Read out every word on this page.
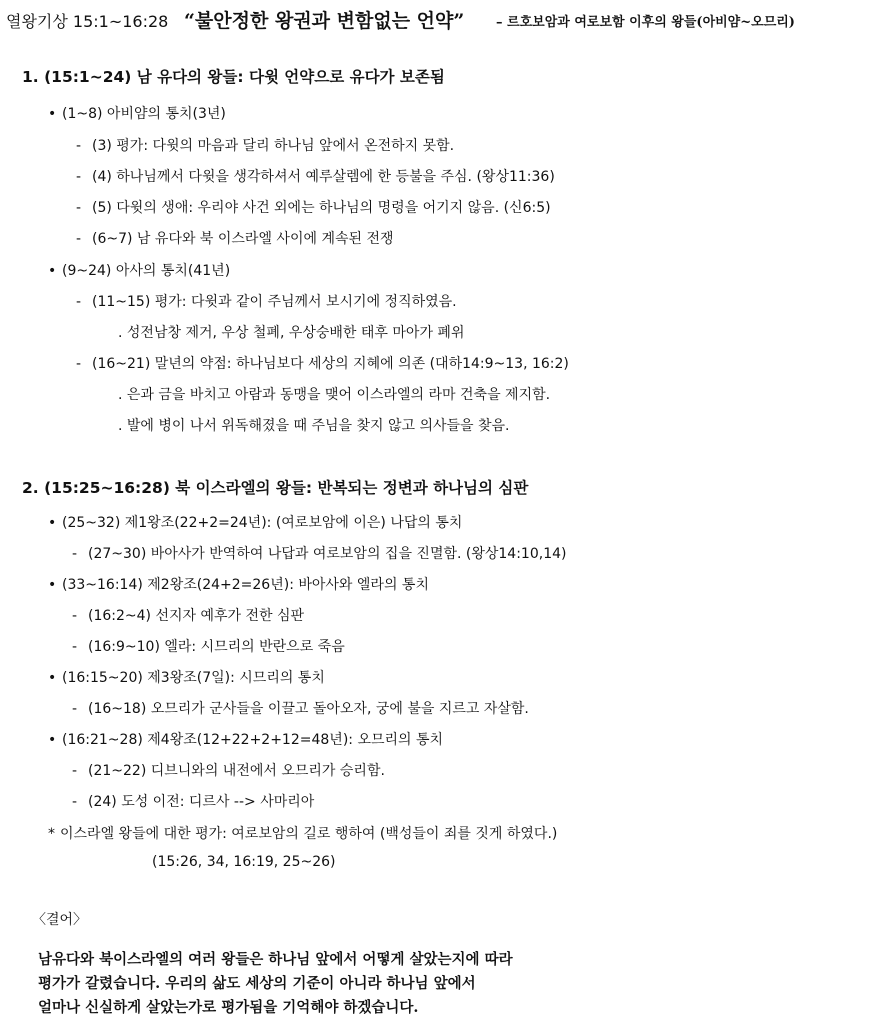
열왕기상 15:1~16:28 “불안정한 왕권과 변함없는 언약” – 르호보암과 여로보함 이후의 왕들(아비얌~오므리)
1. (15:1~24) 남 유다의 왕들: 다윗 언약으로 유다가 보존됨
• (1~8) 아비얌의 통치(3년)
- (3) 평가: 다윗의 마음과 달리 하나님 앞에서 온전하지 못함.
- (4) 하나님께서 다윗을 생각하셔서 예루살렘에 한 등불을 주심. (왕상11:36)
- (5) 다윗의 생애: 우리야 사건 외에는 하나님의 명령을 어기지 않음. (신6:5)
- (6~7) 남 유다와 북 이스라엘 사이에 계속된 전쟁
• (9~24) 아사의 통치(41년)
- (11~15) 평가: 다윗과 같이 주님께서 보시기에 정직하였음.
. 성전남창 제거, 우상 철폐, 우상숭배한 태후 마아가 폐위
- (16~21) 말년의 약점: 하나님보다 세상의 지혜에 의존 (대하14:9~13, 16:2)
. 은과 금을 바치고 아람과 동맹을 맺어 이스라엘의 라마 건축을 제지함.
. 발에 병이 나서 위독해졌을 때 주님을 찾지 않고 의사들을 찾음.
2. (15:25~16:28) 북 이스라엘의 왕들: 반복되는 정변과 하나님의 심판
• (25~32) 제1왕조(22+2=24년): (여로보암에 이은) 나답의 통치
- (27~30) 바아사가 반역하여 나답과 여로보암의 집을 진멸함. (왕상14:10,14)
• (33~16:14) 제2왕조(24+2=26년): 바아사와 엘라의 통치
- (16:2~4) 선지자 예후가 전한 심판
- (16:9~10) 엘라: 시므리의 반란으로 죽음
• (16:15~20) 제3왕조(7일): 시므리의 통치
- (16~18) 오므리가 군사들을 이끌고 돌아오자, 궁에 불을 지르고 자살함.
• (16:21~28) 제4왕조(12+22+2+12=48년): 오므리의 통치
- (21~22) 디브니와의 내전에서 오므리가 승리함.
- (24) 도성 이전: 디르사 --> 사마리아
* 이스라엘 왕들에 대한 평가: 여로보암의 길로 행하여 (백성들이 죄를 짓게 하였다.)
(15:26, 34, 16:19, 25~26)
〈결어〉
남유다와 북이스라엘의 여러 왕들은 하나님 앞에서 어떻게 살았는지에 따라
평가가 갈렸습니다. 우리의 삶도 세상의 기준이 아니라 하나님 앞에서
얼마나 신실하게 살았는가로 평가됨을 기억해야 하겠습니다.
